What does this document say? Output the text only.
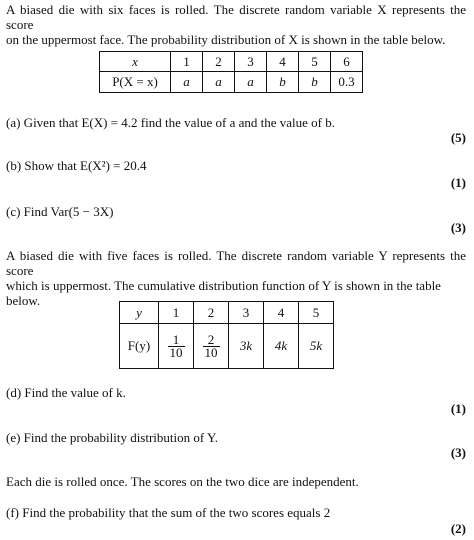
A biased die with six faces is rolled. The discrete random variable X represents the score
on the uppermost face. The probability distribution of X is shown in the table below.
x	1	2	3	4	5	6
P(X = x)	a	a	a	b	b	0.3
(a) Given that E(X) = 4.2 find the value of a and the value of b.
(5)
(b) Show that E(X²) = 20.4
(1)
(c) Find Var(5 − 3X)
(3)
A biased die with five faces is rolled. The discrete random variable Y represents the score
which is uppermost. The cumulative distribution function of Y is shown in the table
below.
y	1	2	3	4	5
F(y)	$\frac{1}{10}$	$\frac{2}{10}$	3k	4k	5k
(d) Find the value of k.
(1)
(e) Find the probability distribution of Y.
(3)
Each die is rolled once. The scores on the two dice are independent.
(f) Find the probability that the sum of the two scores equals 2
(2)
